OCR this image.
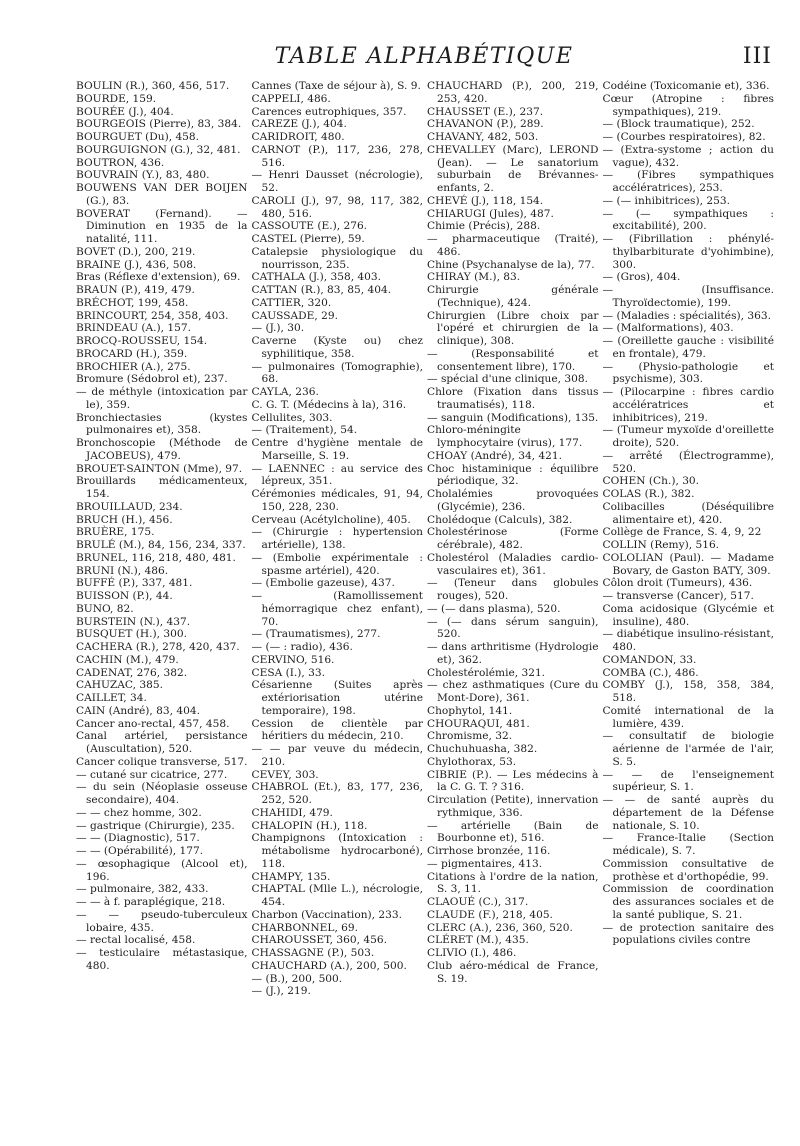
TABLE ALPHABÉTIQUE	III

BOULIN (R.), 360, 456, 517.

BOURDE, 159.

BOURÉE (J.), 404.

BOURGEOIS (Pierre), 83, 384.

BOURGUET (Du), 458.

BOURGUIGNON (G.), 32, 481.

BOUTRON, 436.

BOUVRAIN (Y.), 83, 480.

BOUWENS VAN DER BOIJEN (G.), 83.

BOVERAT (Fernand). — Diminution en 1935 de la natalité, 111.

BOVET (D.), 200, 219.

BRAINE (J.), 436, 508.

Bras (Réflexe d'extension), 69.

BRAUN (P.), 419, 479.

BRÉCHOT, 199, 458.

BRINCOURT, 254, 358, 403.

BRINDEAU (A.), 157.

BROCQ-ROUSSEU, 154.

BROCARD (H.), 359.

BROCHIER (A.), 275.

Bromure (Sédobrol et), 237.

— de méthyle (intoxication par le), 359.

Bronchiectasies (kystes pulmonaires et), 358.

Bronchoscopie (Méthode de JACOBEUS), 479.

BROUET-SAINTON (Mme), 97.

Brouillards médicamenteux, 154.

BROUILLAUD, 234.

BRUCH (H.), 456.

BRUÈRE, 175.

BRULÉ (M.), 84, 156, 234, 337.

BRUNEL, 116, 218, 480, 481.

BRUNI (N.), 486.

BUFFÉ (P.), 337, 481.

BUISSON (P.), 44.

BUNO, 82.

BURSTEIN (N.), 437.

BUSQUET (H.), 300.

CACHERA (R.), 278, 420, 437.

CACHIN (M.), 479.

CADENAT, 276, 382.

CAHUZAC, 385.

CAILLET, 34.

CAIN (André), 83, 404.

Cancer ano-rectal, 457, 458.

Canal artériel, persistance (Auscultation), 520.

Cancer colique transverse, 517.

— cutané sur cicatrice, 277.

— du sein (Néoplasie osseuse secondaire), 404.

— — chez homme, 302.

— gastrique (Chirurgie), 235.

— — (Diagnostic), 517.

— — (Opérabilité), 177.

— œsophagique (Alcool et), 196.

— pulmonaire, 382, 433.

— — à f. paraplégique, 218.

— — pseudo-tuberculeux lobaire, 435.

— rectal localisé, 458.

— testiculaire métastasique, 480.

Cannes (Taxe de séjour à), S. 9.

CAPPELI, 486.

Carences eutrophiques, 357.

CAREZE (J.), 404.

CARIDROIT, 480.

CARNOT (P.), 117, 236, 278, 516.

— Henri Dausset (nécrologie), 52.

CAROLI (J.), 97, 98, 117, 382, 480, 516.

CASSOUTE (E.), 276.

CASTEL (Pierre), 59.

Catalepsie physiologique du nourrisson, 235.

CATHALA (J.), 358, 403.

CATTAN (R.), 83, 85, 404.

CATTIER, 320.

CAUSSADE, 29.

— (J.), 30.

Caverne (Kyste ou) chez syphilitique, 358.

— pulmonaires (Tomographie), 68.

CAYLA, 236.

C. G. T. (Médecins à la), 316.

Cellulites, 303.

— (Traitement), 54.

Centre d'hygiène mentale de Marseille, S. 19.

— LAENNEC : au service des lépreux, 351.

Cérémonies médicales, 91, 94, 150, 228, 230.

Cerveau (Acétylcholine), 405.

— (Chirurgie : hypertension artérielle), 138.

— (Embolie expérimentale : spasme artériel), 420.

— (Embolie gazeuse), 437.

— (Ramollissement hémorragique chez enfant), 70.

— (Traumatismes), 277.

— (— : radio), 436.

CERVINO, 516.

CESA (I.), 33.

Césarienne (Suites après extériorisation utérine temporaire), 198.

Cession de clientèle par héritiers du médecin, 210.

— — par veuve du médecin, 210.

CEVEY, 303.

CHABROL (Et.), 83, 177, 236, 252, 520.

CHAHIDI, 479.

CHALOPIN (H.), 118.

Champignons (Intoxication : métabolisme hydrocarboné), 118.

CHAMPY, 135.

CHAPTAL (Mlle L.), nécrologie, 454.

Charbon (Vaccination), 233.

CHARBONNEL, 69.

CHAROUSSET, 360, 456.

CHASSAGNE (P.), 503.

CHAUCHARD (A.), 200, 500.

— (B.), 200, 500.

— (J.), 219.

CHAUCHARD (P.), 200, 219, 253, 420.

CHAUSSET (E.), 237.

CHAVANON (P.), 289.

CHAVANY, 482, 503.

CHEVALLEY (Marc), LEROND (Jean). — Le sanatorium suburbain de Brévannes-enfants, 2.

CHEVÉ (J.), 118, 154.

CHIARUGI (Jules), 487.

Chimie (Précis), 288.

— pharmaceutique (Traité), 486.

Chine (Psychanalyse de la), 77.

CHIRAY (M.), 83.

Chirurgie générale (Technique), 424.

Chirurgien (Libre choix par l'opéré et chirurgien de la clinique), 308.

— (Responsabilité et consentement libre), 170.

— spécial d'une clinique, 308.

Chlore (Fixation dans tissus traumatisés), 118.

— sanguin (Modifications), 135.

Chloro-méningite lymphocytaire (virus), 177.

CHOAY (André), 34, 421.

Choc histaminique : équilibre périodique, 32.

Cholalémies provoquées (Glycémie), 236.

Cholédoque (Calculs), 382.

Cholestérinose (Forme cérébrale), 482.

Cholestérol (Maladies cardio-vasculaires et), 361.

— (Teneur dans globules rouges), 520.

— (— dans plasma), 520.

— (— dans sérum sanguin), 520.

— dans arthritisme (Hydrologie et), 362.

Cholestérolémie, 321.

— chez asthmatiques (Cure du Mont-Dore), 361.

Chophytol, 141.

CHOURAQUI, 481.

Chromisme, 32.

Chuchuhuasha, 382.

Chylothorax, 53.

CIBRIE (P.). — Les médecins à la C. G. T. ? 316.

Circulation (Petite), innervation rythmique, 336.

— artérielle (Bain de Bourbonne et), 516.

Cirrhose bronzée, 116.

— pigmentaires, 413.

Citations à l'ordre de la nation, S. 3, 11.

CLAOUÉ (C.), 317.

CLAUDE (F.), 218, 405.

CLERC (A.), 236, 360, 520.

CLÉRET (M.), 435.

CLIVIO (I.), 486.

Club aéro-médical de France, S. 19.

Codéine (Toxicomanie et), 336.

Cœur (Atropine : fibres sympathiques), 219.

— (Block traumatique), 252.

— (Courbes respiratoires), 82.

— (Extra-systome ; action du vague), 432.

— (Fibres sympathiques accélératrices), 253.

— (— inhibitrices), 253.

— (— sympathiques : excitabilité), 200.

— (Fibrillation : phénylé-thylbarbiturate d'yohimbine), 300.

— (Gros), 404.

— (Insuffisance. Thyroïdectomie), 199.

— (Maladies : spécialités), 363.

— (Malformations), 403.

— (Oreillette gauche : visibilité en frontale), 479.

— (Physio-pathologie et psychisme), 303.

— (Pilocarpine : fibres cardio accélératrices et inhibitrices), 219.

— (Tumeur myxoïde d'oreillette droite), 520.

— arrêté (Électrogramme), 520.

COHEN (Ch.), 30.

COLAS (R.), 382.

Colibacilles (Déséquilibre alimentaire et), 420.

Collège de France, S. 4, 9, 22

COLLIN (Remy), 516.

COLOLIAN (Paul). — Madame Bovary, de Gaston BATY, 309.

Côlon droit (Tumeurs), 436.

— transverse (Cancer), 517.

Coma acidosique (Glycémie et insuline), 480.

— diabétique insulino-résistant, 480.

COMANDON, 33.

COMBA (C.), 486.

COMBY (J.), 158, 358, 384, 518.

Comité international de la lumière, 439.

— consultatif de biologie aérienne de l'armée de l'air, S. 5.

— — de l'enseignement supérieur, S. 1.

— — de santé auprès du département de la Défense nationale, S. 10.

— France-Italie (Section médicale), S. 7.

Commission consultative de prothèse et d'orthopédie, 99.

Commission de coordination des assurances sociales et de la santé publique, S. 21.

— de protection sanitaire des populations civiles contre
